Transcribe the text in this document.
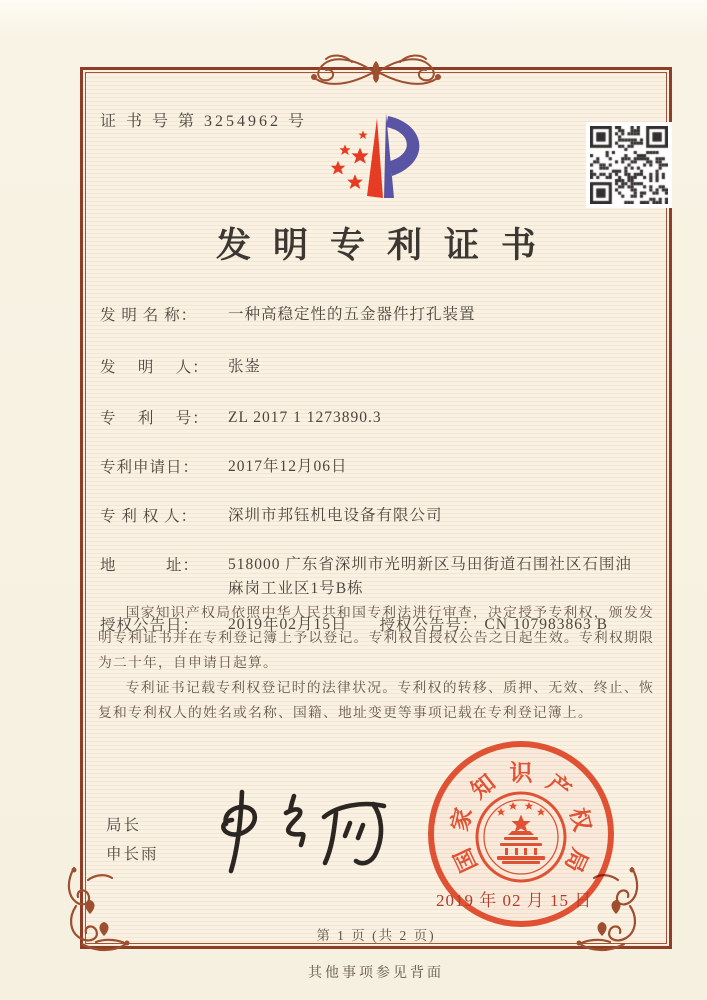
证 书 号 第 3254962 号
发明专利证书
发 明 名 称：	一种高稳定性的五金器件打孔装置
发　 明 　人：	张崟
专　 利 　号：	ZL 2017 1 1273890.3
专利申请日：	2017年12月06日
专 利 权 人：	深圳市邦钰机电设备有限公司
地　　　址：	518000 广东省深圳市光明新区马田街道石围社区石围油麻岗工业区1号B栋
授权公告日：	2019年02月15日 授权公告号： CN 107983863 B

国家知识产权局依照中华人民共和国专利法进行审查，决定授予专利权，颁发发明专利证书并在专利登记簿上予以登记。专利权自授权公告之日起生效。专利权期限为二十年，自申请日起算。

专利证书记载专利权登记时的法律状况。专利权的转移、质押、无效、终止、恢复和专利权人的姓名或名称、国籍、地址变更等事项记载在专利登记簿上。

局长
申长雨	国
家
知 识 产
权
局
2019 年 02 月 15 日
第 1 页 (共 2 页)
其他事项参见背面
